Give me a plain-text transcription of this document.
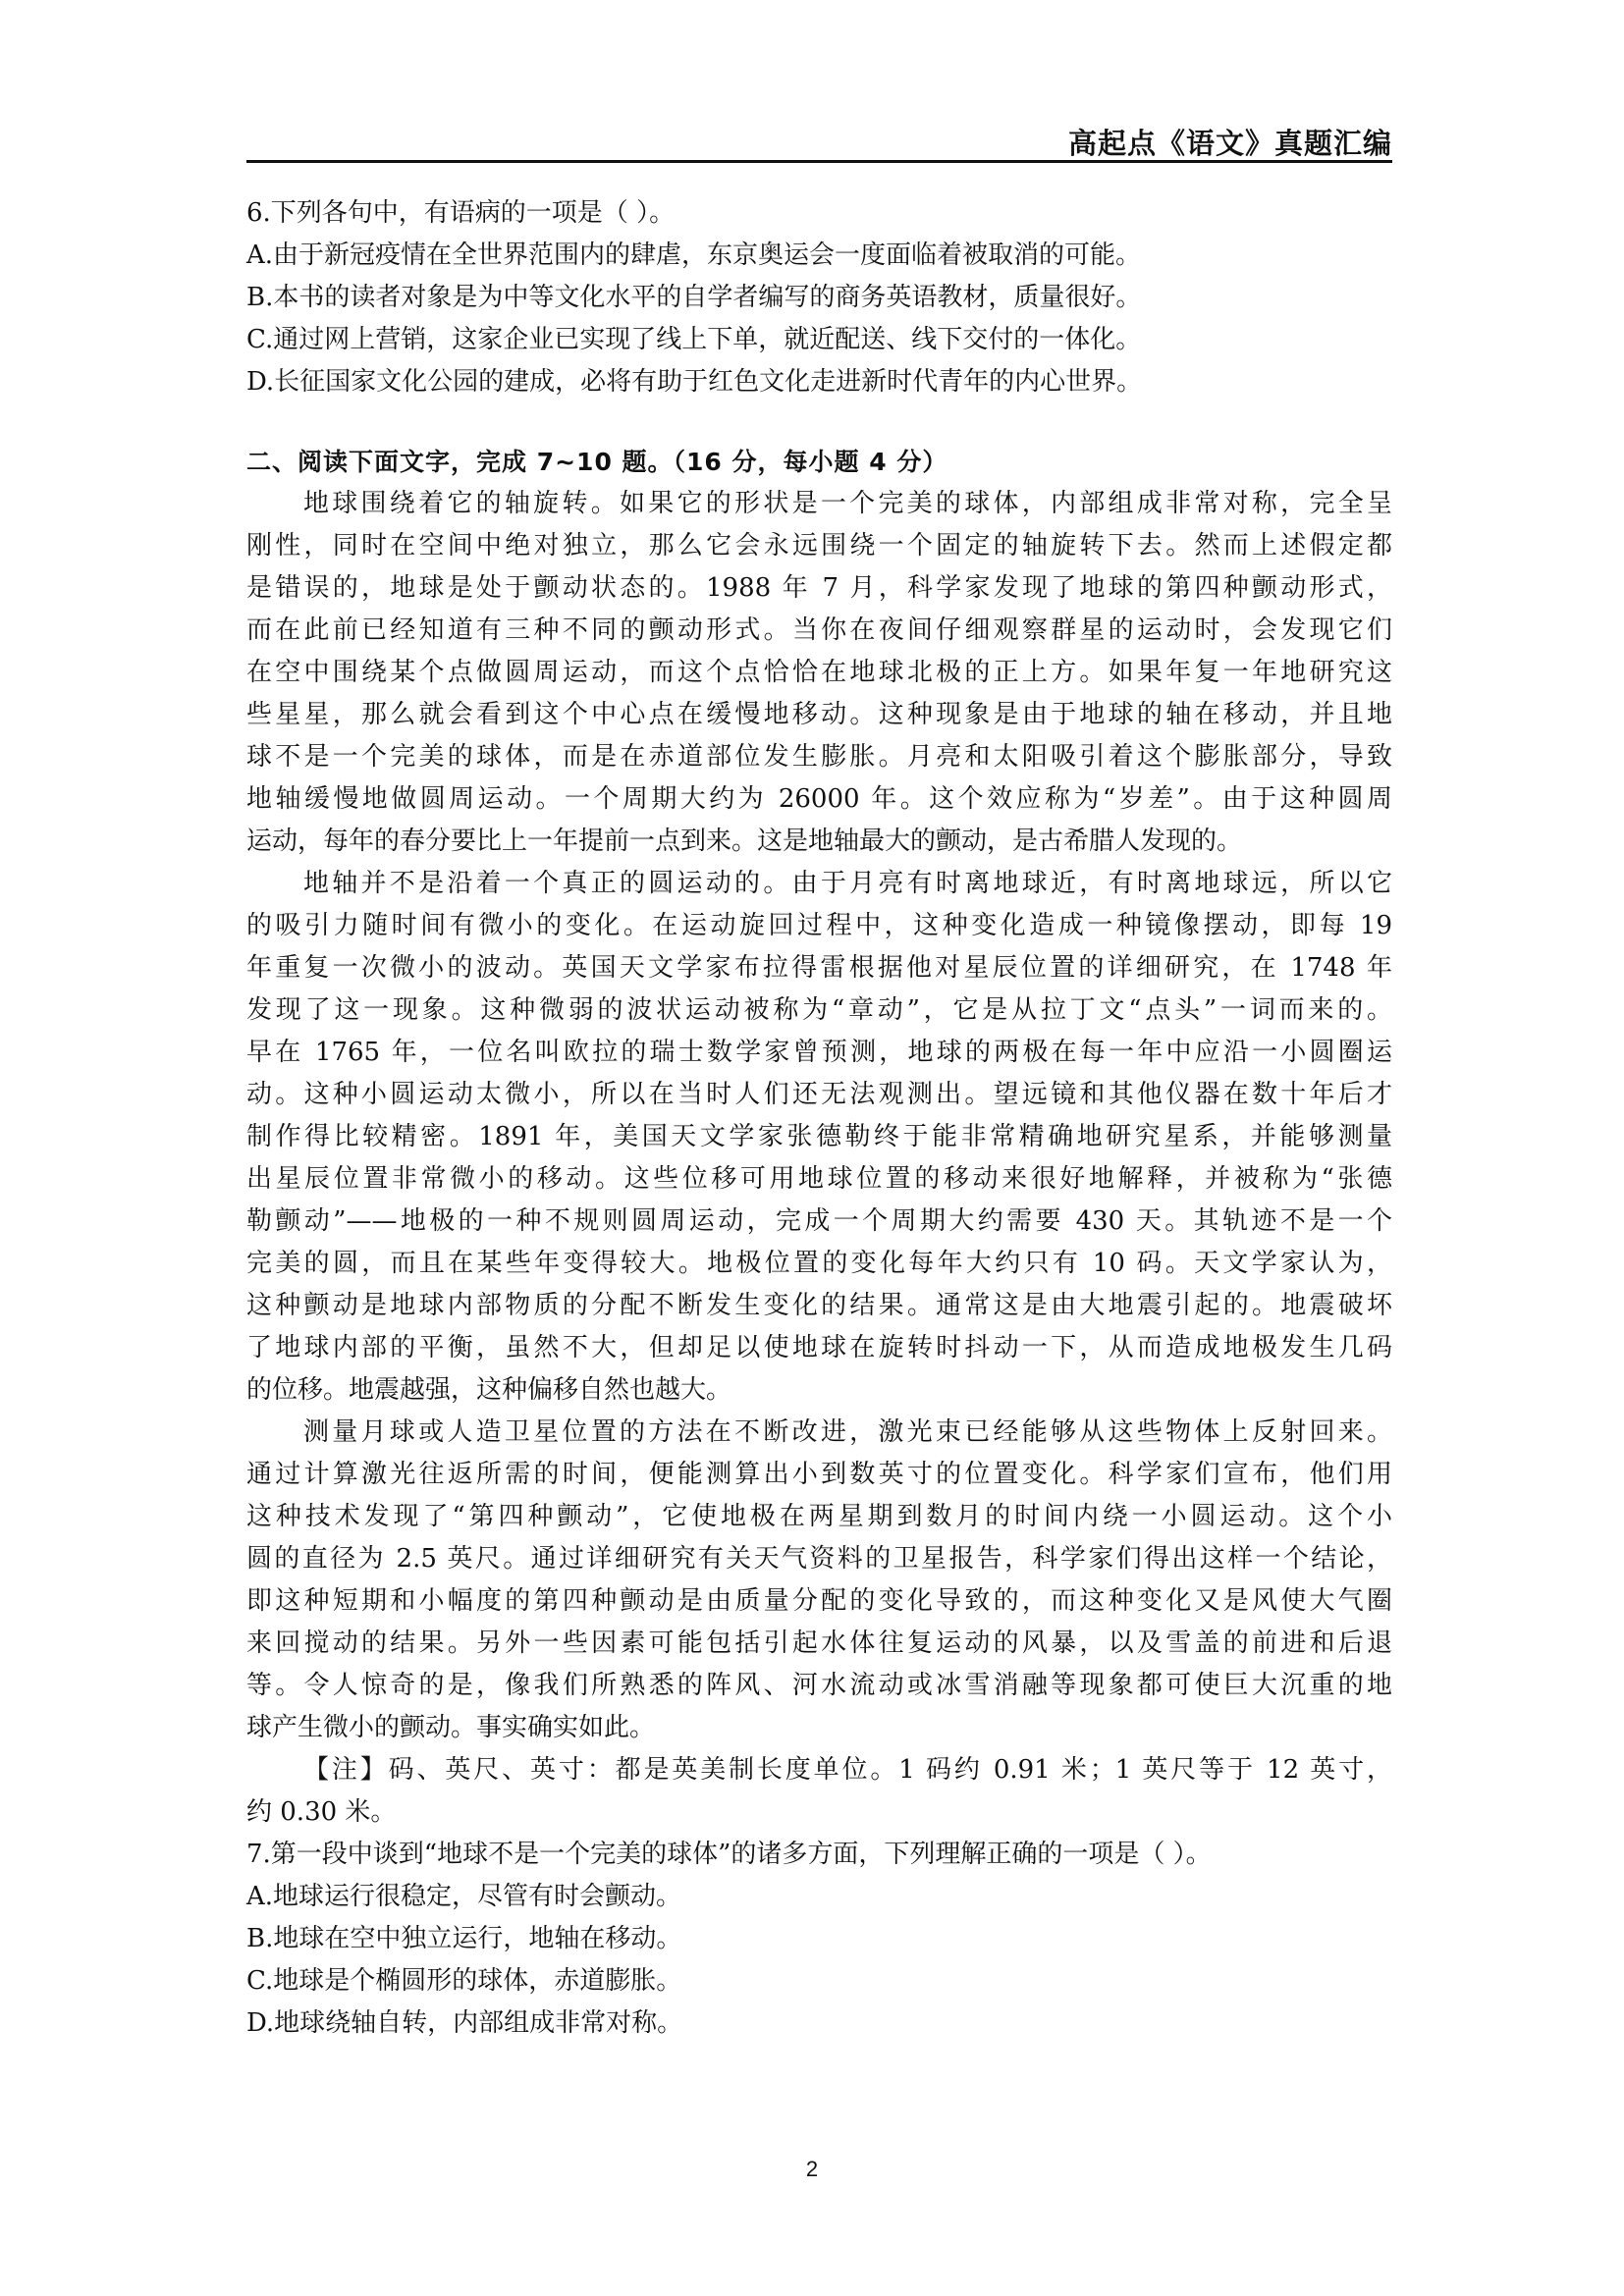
高起点《语文》真题汇编
6.下列各句中，有语病的一项是（ ）。
A.由于新冠疫情在全世界范围内的肆虐，东京奥运会一度面临着被取消的可能。
B.本书的读者对象是为中等文化水平的自学者编写的商务英语教材，质量很好。
C.通过网上营销，这家企业已实现了线上下单，就近配送、线下交付的一体化。
D.长征国家文化公园的建成，必将有助于红色文化走进新时代青年的内心世界。
二、阅读下面文字，完成 7~10 题。（16 分，每小题 4 分）
地球围绕着它的轴旋转。如果它的形状是一个完美的球体，内部组成非常对称，完全呈
刚性，同时在空间中绝对独立，那么它会永远围绕一个固定的轴旋转下去。然而上述假定都
是错误的，地球是处于颤动状态的。1988 年 7 月，科学家发现了地球的第四种颤动形式，
而在此前已经知道有三种不同的颤动形式。当你在夜间仔细观察群星的运动时，会发现它们
在空中围绕某个点做圆周运动，而这个点恰恰在地球北极的正上方。如果年复一年地研究这
些星星，那么就会看到这个中心点在缓慢地移动。这种现象是由于地球的轴在移动，并且地
球不是一个完美的球体，而是在赤道部位发生膨胀。月亮和太阳吸引着这个膨胀部分，导致
地轴缓慢地做圆周运动。一个周期大约为 26000 年。这个效应称为“岁差”。由于这种圆周
运动，每年的春分要比上一年提前一点到来。这是地轴最大的颤动，是古希腊人发现的。
地轴并不是沿着一个真正的圆运动的。由于月亮有时离地球近，有时离地球远，所以它
的吸引力随时间有微小的变化。在运动旋回过程中，这种变化造成一种镜像摆动，即每 19
年重复一次微小的波动。英国天文学家布拉得雷根据他对星辰位置的详细研究，在 1748 年
发现了这一现象。这种微弱的波状运动被称为“章动”，它是从拉丁文“点头”一词而来的。
早在 1765 年，一位名叫欧拉的瑞士数学家曾预测，地球的两极在每一年中应沿一小圆圈运
动。这种小圆运动太微小，所以在当时人们还无法观测出。望远镜和其他仪器在数十年后才
制作得比较精密。1891 年，美国天文学家张德勒终于能非常精确地研究星系，并能够测量
出星辰位置非常微小的移动。这些位移可用地球位置的移动来很好地解释，并被称为“张德
勒颤动”——地极的一种不规则圆周运动，完成一个周期大约需要 430 天。其轨迹不是一个
完美的圆，而且在某些年变得较大。地极位置的变化每年大约只有 10 码。天文学家认为，
这种颤动是地球内部物质的分配不断发生变化的结果。通常这是由大地震引起的。地震破坏
了地球内部的平衡，虽然不大，但却足以使地球在旋转时抖动一下，从而造成地极发生几码
的位移。地震越强，这种偏移自然也越大。
测量月球或人造卫星位置的方法在不断改进，激光束已经能够从这些物体上反射回来。
通过计算激光往返所需的时间，便能测算出小到数英寸的位置变化。科学家们宣布，他们用
这种技术发现了“第四种颤动”，它使地极在两星期到数月的时间内绕一小圆运动。这个小
圆的直径为 2.5 英尺。通过详细研究有关天气资料的卫星报告，科学家们得出这样一个结论，
即这种短期和小幅度的第四种颤动是由质量分配的变化导致的，而这种变化又是风使大气圈
来回搅动的结果。另外一些因素可能包括引起水体往复运动的风暴，以及雪盖的前进和后退
等。令人惊奇的是，像我们所熟悉的阵风、河水流动或冰雪消融等现象都可使巨大沉重的地
球产生微小的颤动。事实确实如此。
【注】码、英尺、英寸：都是英美制长度单位。1 码约 0.91 米；1 英尺等于 12 英寸，
约 0.30 米。
7.第一段中谈到“地球不是一个完美的球体”的诸多方面，下列理解正确的一项是（ ）。
A.地球运行很稳定，尽管有时会颤动。
B.地球在空中独立运行，地轴在移动。
C.地球是个椭圆形的球体，赤道膨胀。
D.地球绕轴自转，内部组成非常对称。
2
